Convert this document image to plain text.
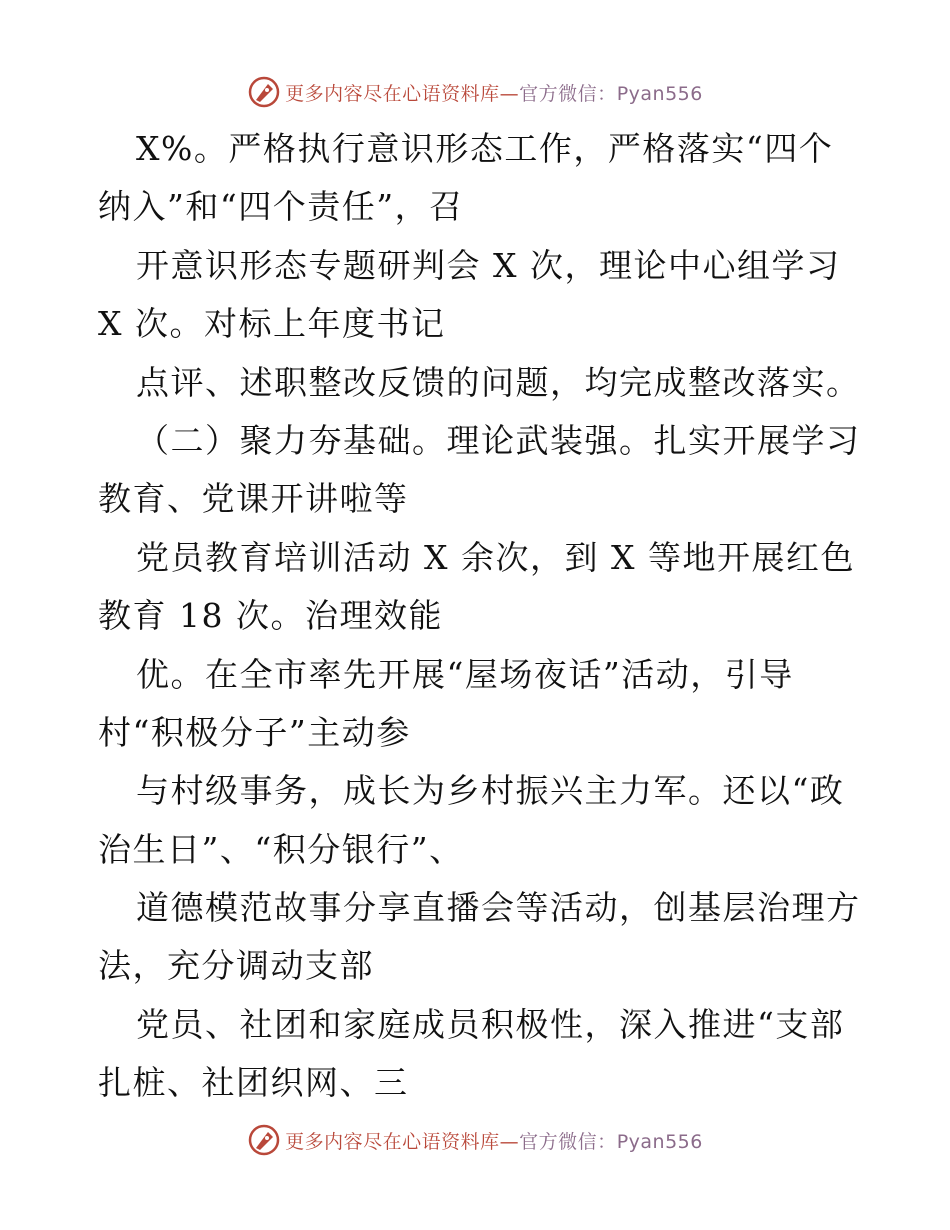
更多内容尽在心语资料库—官方微信：Pyan556
X%。严格执行意识形态工作，严格落实“四个
纳入”和“四个责任”，召
开意识形态专题研判会 X 次，理论中心组学习
X 次。对标上年度书记
点评、述职整改反馈的问题，均完成整改落实。
（二）聚力夯基础。理论武装强。扎实开展学习
教育、党课开讲啦等
党员教育培训活动 X 余次，到 X 等地开展红色
教育 18 次。治理效能
优。在全市率先开展“屋场夜话”活动，引导
村“积极分子”主动参
与村级事务，成长为乡村振兴主力军。还以“政
治生日”、“积分银行”、
道德模范故事分享直播会等活动，创基层治理方
法，充分调动支部
党员、社团和家庭成员积极性，深入推进“支部
扎桩、社团织网、三
更多内容尽在心语资料库—官方微信：Pyan556
